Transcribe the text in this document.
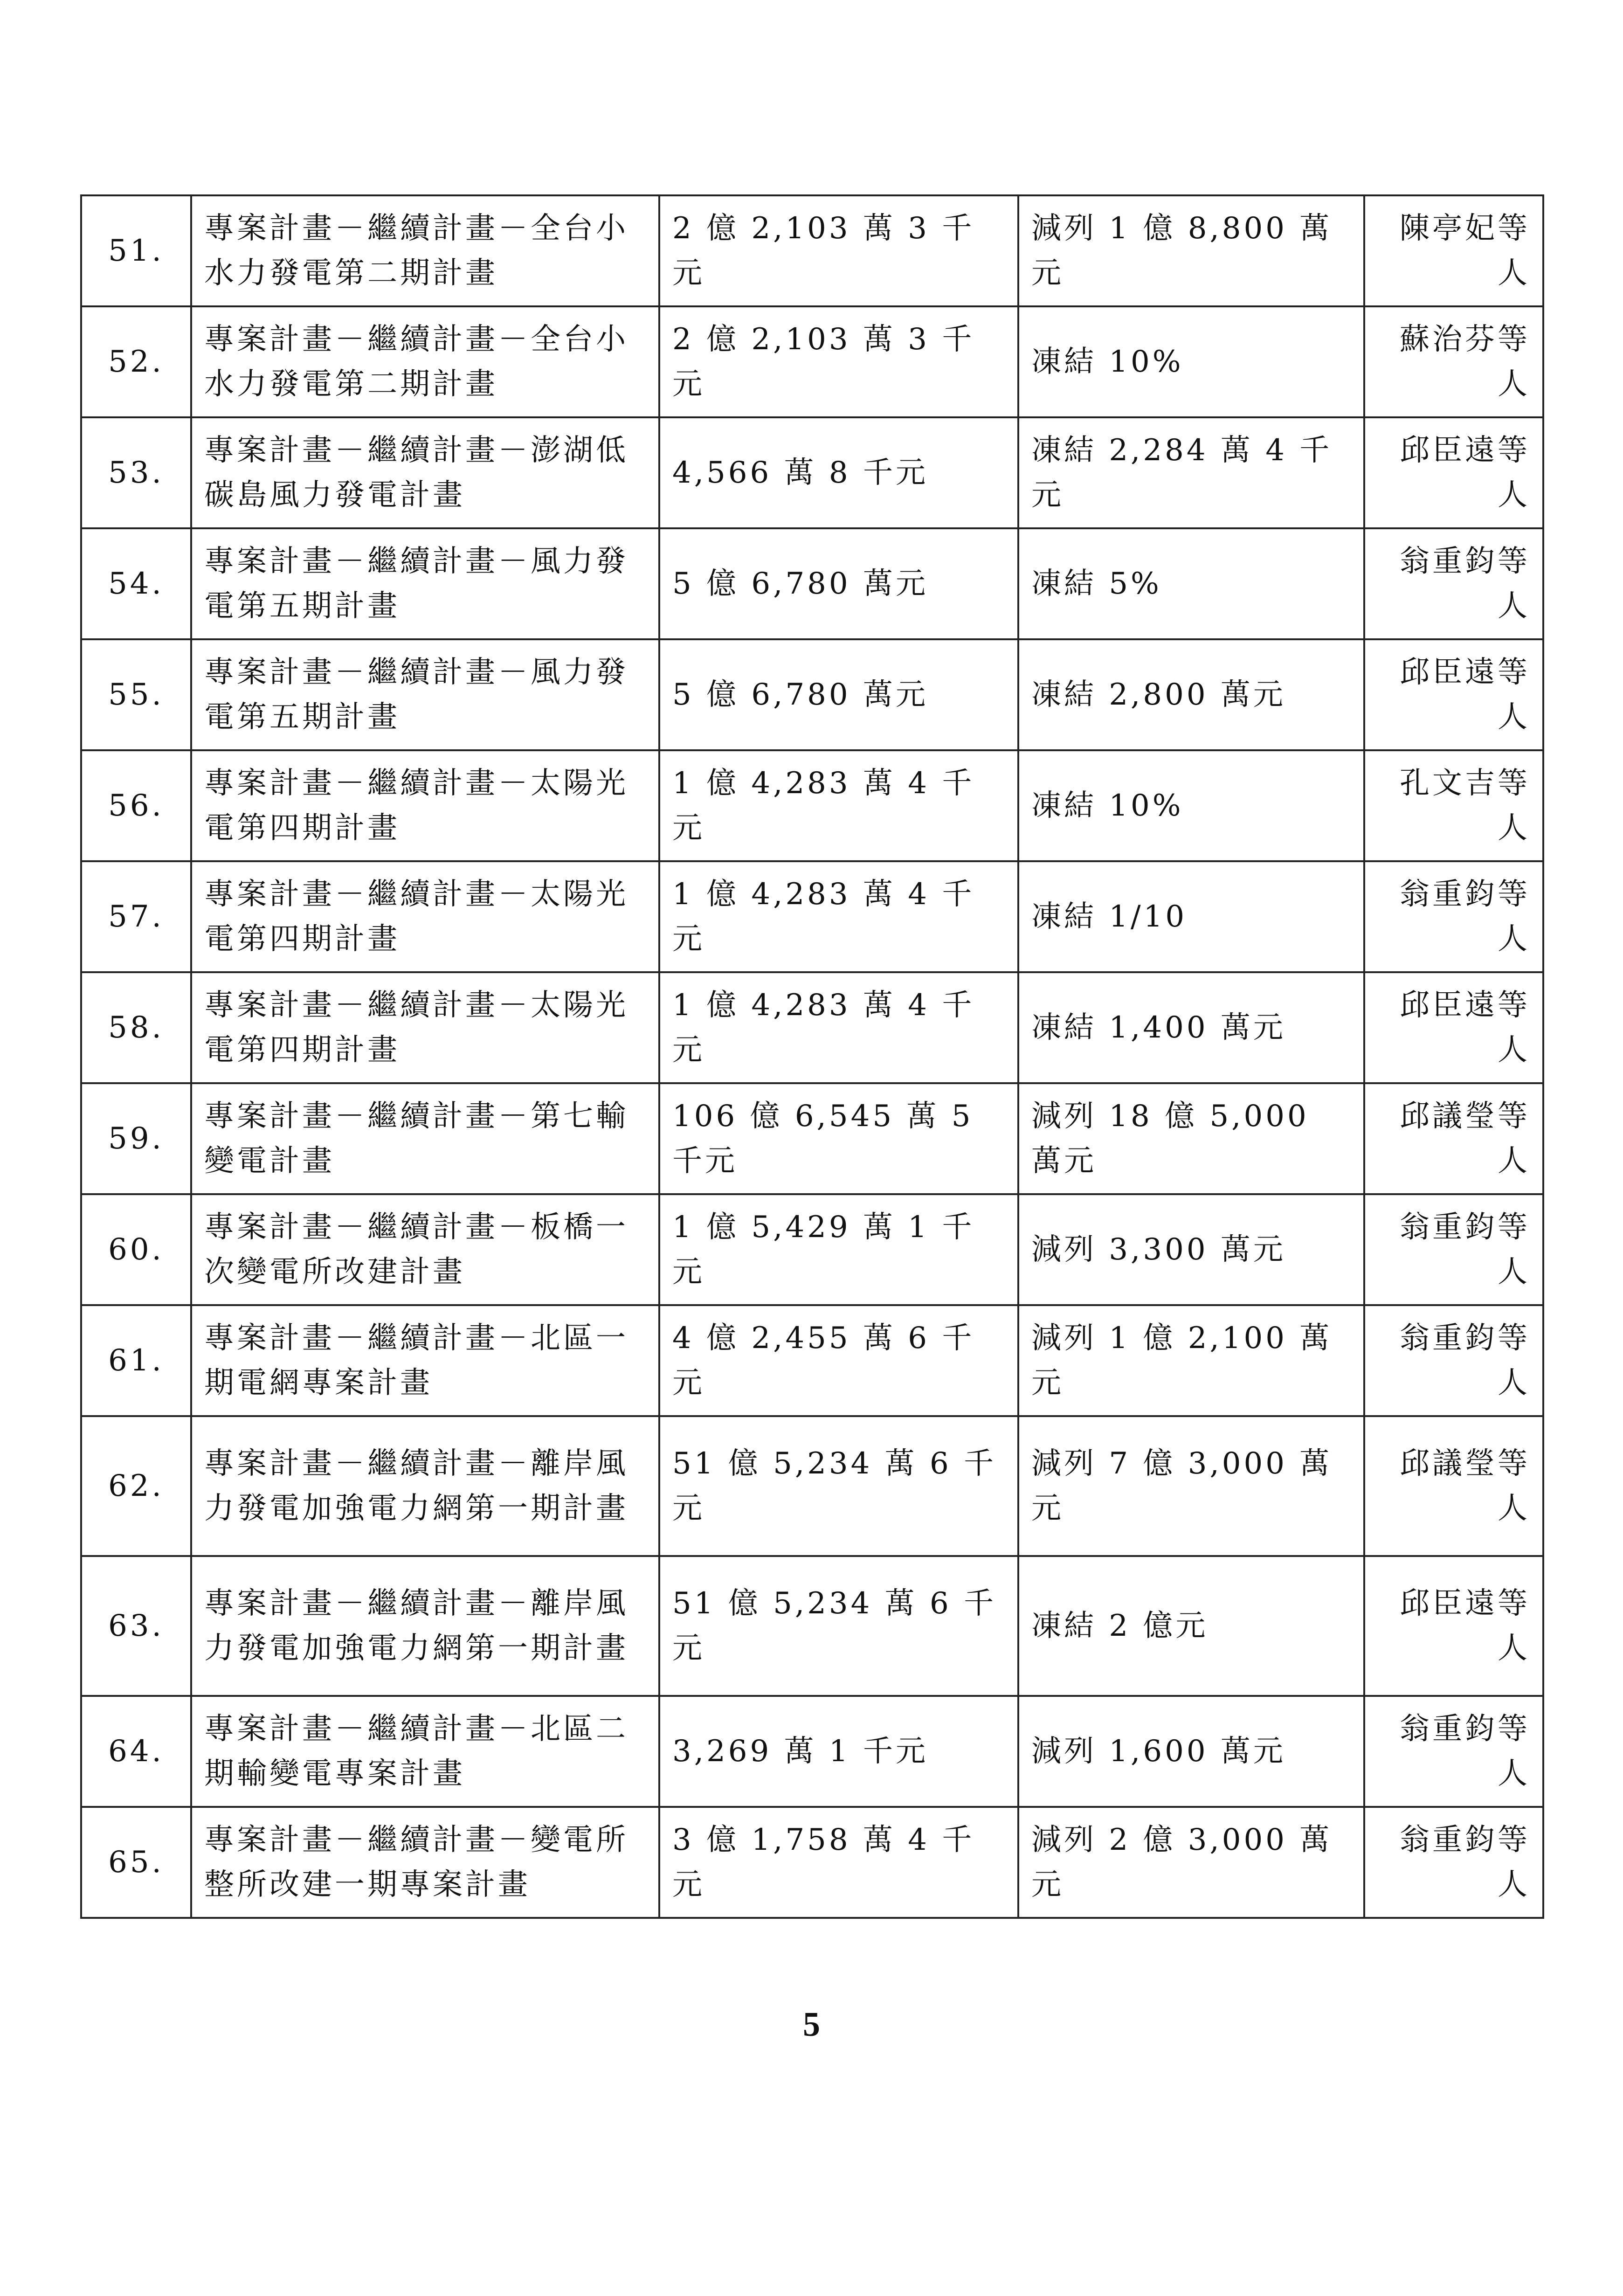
51.	專案計畫－繼續計畫－全台小水力發電第二期計畫	2 億 2,103 萬 3 千元	減列 1 億 8,800 萬元	陳亭妃等人
52.	專案計畫－繼續計畫－全台小水力發電第二期計畫	2 億 2,103 萬 3 千元	凍結 10%	蘇治芬等人
53.	專案計畫－繼續計畫－澎湖低碳島風力發電計畫	4,566 萬 8 千元	凍結 2,284 萬 4 千元	邱臣遠等人
54.	專案計畫－繼續計畫－風力發電第五期計畫	5 億 6,780 萬元	凍結 5%	翁重鈞等人
55.	專案計畫－繼續計畫－風力發電第五期計畫	5 億 6,780 萬元	凍結 2,800 萬元	邱臣遠等人
56.	專案計畫－繼續計畫－太陽光電第四期計畫	1 億 4,283 萬 4 千元	凍結 10%	孔文吉等人
57.	專案計畫－繼續計畫－太陽光電第四期計畫	1 億 4,283 萬 4 千元	凍結 1/10	翁重鈞等人
58.	專案計畫－繼續計畫－太陽光電第四期計畫	1 億 4,283 萬 4 千元	凍結 1,400 萬元	邱臣遠等人
59.	專案計畫－繼續計畫－第七輸變電計畫	106 億 6,545 萬 5 千元	減列 18 億 5,000 萬元	邱議瑩等人
60.	專案計畫－繼續計畫－板橋一次變電所改建計畫	1 億 5,429 萬 1 千元	減列 3,300 萬元	翁重鈞等人
61.	專案計畫－繼續計畫－北區一期電網專案計畫	4 億 2,455 萬 6 千元	減列 1 億 2,100 萬元	翁重鈞等人
62.	專案計畫－繼續計畫－離岸風力發電加強電力網第一期計畫	51 億 5,234 萬 6 千元	減列 7 億 3,000 萬元	邱議瑩等人
63.	專案計畫－繼續計畫－離岸風力發電加強電力網第一期計畫	51 億 5,234 萬 6 千元	凍結 2 億元	邱臣遠等人
64.	專案計畫－繼續計畫－北區二期輸變電專案計畫	3,269 萬 1 千元	減列 1,600 萬元	翁重鈞等人
65.	專案計畫－繼續計畫－變電所整所改建一期專案計畫	3 億 1,758 萬 4 千元	減列 2 億 3,000 萬元	翁重鈞等人
5
